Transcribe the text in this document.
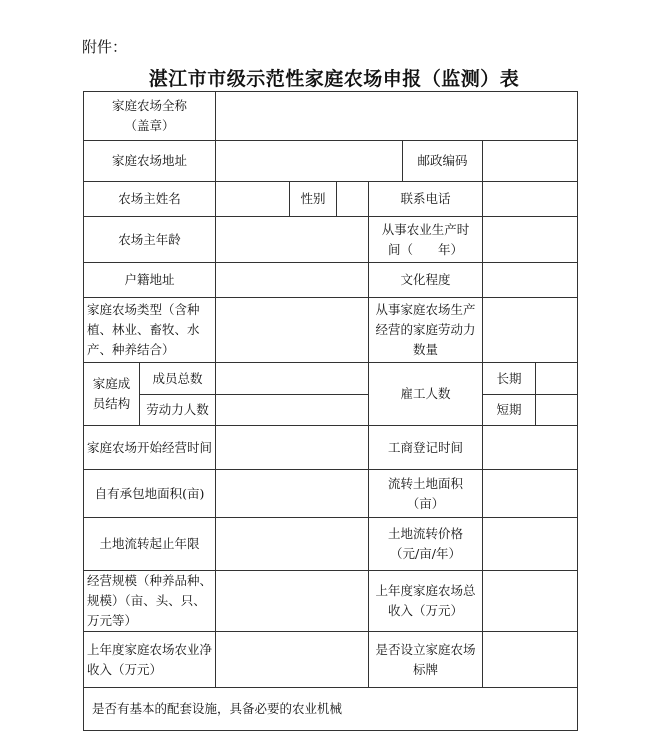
附件：
湛江市市级示范性家庭农场申报（监测）表
家庭农场全称
（盖章）								

家庭农场地址						邮政编码		
农场主姓名			性别		联系电话			
农场主年龄					从事农业生产时
间（　　年）			

户籍地址					文化程度			
家庭农场类型（含种植、林业、畜牧、水产、种养结合）					从事家庭农场生产经营的家庭劳动力数量			
家庭成员结构	成员总数				雇工人数		长期	
	劳动力人数						短期	
家庭农场开始经营时间					工商登记时间			
自有承包地面积(亩)					流转土地面积
（亩）			

土地流转起止年限					土地流转价格
（元/亩/年）			

经营规模（种养品种、规模）（亩、头、只、万元等）					上年度家庭农场总收入（万元）			
上年度家庭农场农业净收入（万元）					是否设立家庭农场标牌			
是否有基本的配套设施，具备必要的农业机械								
